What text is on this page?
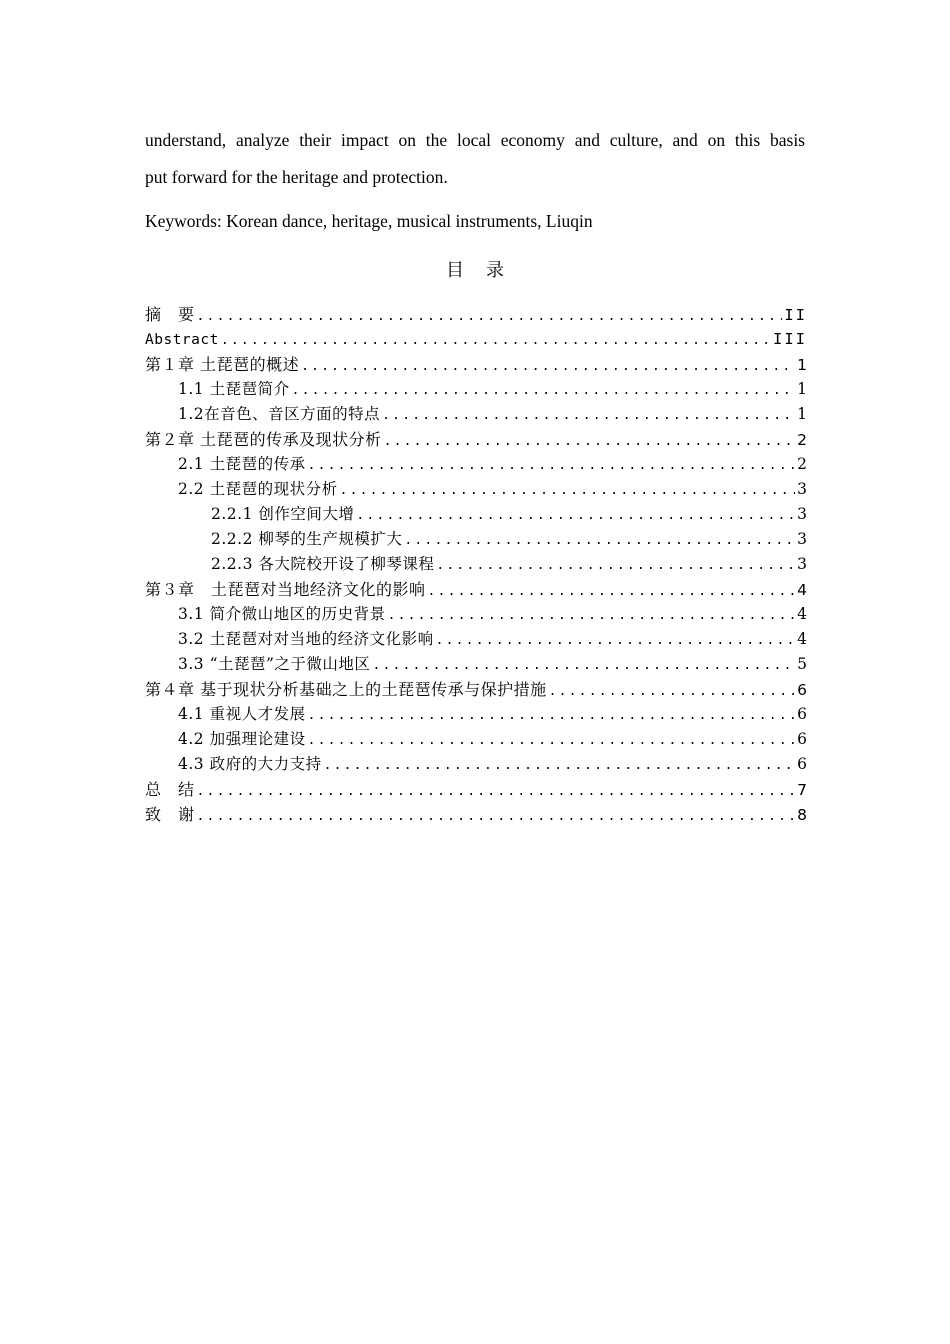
understand, analyze their impact on the local economy and culture, and on this basis

put forward for the heritage and protection.

Keywords: Korean dance, heritage, musical instruments, Liuqin
目录
摘　要 .....	II
Abstract .....	III
第１章 土琵琶的概述 .....	1
1.1 土琵琶简介 .....	1
1.2在音色、音区方面的特点 .....	1
第２章 土琵琶的传承及现状分析 .....	2
2.1 土琵琶的传承 .....	2
2.2 土琵琶的现状分析 .....	3
2.2.1 创作空间大增 .....	3
2.2.2 柳琴的生产规模扩大 .....	3
2.2.3 各大院校开设了柳琴课程 .....	3
第３章　土琵琶对当地经济文化的影响 .....	4
3.1 简介微山地区的历史背景 .....	4
3.2 土琵琶对对当地的经济文化影响 .....	4
3.3 “土琵琶”之于微山地区 .....	5
第４章 基于现状分析基础之上的土琵琶传承与保护措施 .....	6
4.1 重视人才发展 .....	6
4.2 加强理论建设 .....	6
4.3 政府的大力支持 .....	6
总　结 .....	7
致　谢 .....	8
